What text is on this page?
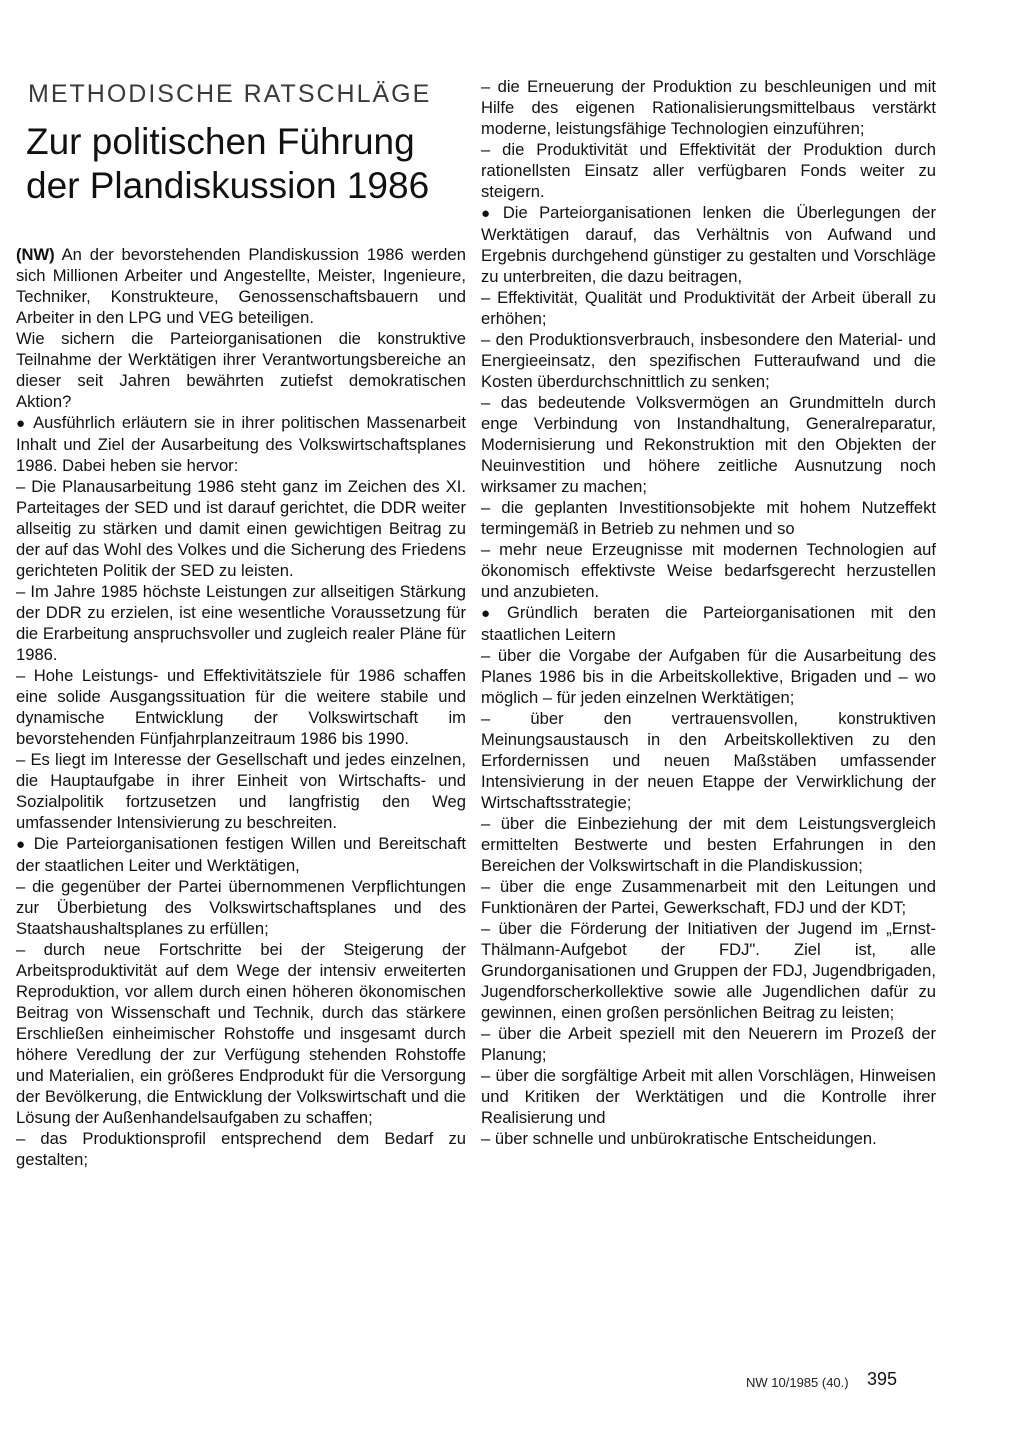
METHODISCHE RATSCHLÄGE
Zur politischen Führung
der Plandiskussion 1986

(NW) An der bevorstehenden Plandiskussion 1986 werden sich Millionen Arbeiter und Angestellte, Meister, Ingenieure, Techniker, Konstrukteure, Genossenschaftsbauern und Arbeiter in den LPG und VEG beteiligen.

Wie sichern die Parteiorganisationen die konstruktive Teilnahme der Werktätigen ihrer Verantwortungsbereiche an dieser seit Jahren bewährten zutiefst demokratischen Aktion?

● Ausführlich erläutern sie in ihrer politischen Massenarbeit Inhalt und Ziel der Ausarbeitung des Volkswirtschaftsplanes 1986. Dabei heben sie hervor:

– Die Planausarbeitung 1986 steht ganz im Zeichen des XI. Parteitages der SED und ist darauf gerichtet, die DDR weiter allseitig zu stärken und damit einen gewichtigen Beitrag zu der auf das Wohl des Volkes und die Sicherung des Friedens gerichteten Politik der SED zu leisten.

– Im Jahre 1985 höchste Leistungen zur allseitigen Stärkung der DDR zu erzielen, ist eine wesentliche Voraussetzung für die Erarbeitung anspruchsvoller und zugleich realer Pläne für 1986.

– Hohe Leistungs- und Effektivitätsziele für 1986 schaffen eine solide Ausgangssituation für die weitere stabile und dynamische Entwicklung der Volkswirtschaft im bevorstehenden Fünfjahrplanzeitraum 1986 bis 1990.

– Es liegt im Interesse der Gesellschaft und jedes einzelnen, die Hauptaufgabe in ihrer Einheit von Wirtschafts- und Sozialpolitik fortzusetzen und langfristig den Weg umfassender Intensivierung zu beschreiten.

● Die Parteiorganisationen festigen Willen und Bereitschaft der staatlichen Leiter und Werktätigen,

– die gegenüber der Partei übernommenen Verpflichtungen zur Überbietung des Volkswirtschaftsplanes und des Staatshaushaltsplanes zu erfüllen;

– durch neue Fortschritte bei der Steigerung der Arbeitsproduktivität auf dem Wege der intensiv erweiterten Reproduktion, vor allem durch einen höheren ökonomischen Beitrag von Wissenschaft und Technik, durch das stärkere Erschließen einheimischer Rohstoffe und insgesamt durch höhere Veredlung der zur Verfügung stehenden Rohstoffe und Materialien, ein größeres Endprodukt für die Versorgung der Bevölkerung, die Entwicklung der Volkswirtschaft und die Lösung der Außenhandelsaufgaben zu schaffen;

– das Produktionsprofil entsprechend dem Bedarf zu gestalten;

– die Erneuerung der Produktion zu beschleunigen und mit Hilfe des eigenen Rationalisierungsmittelbaus verstärkt moderne, leistungsfähige Technologien einzuführen;

– die Produktivität und Effektivität der Produktion durch rationellsten Einsatz aller verfügbaren Fonds weiter zu steigern.

● Die Parteiorganisationen lenken die Überlegungen der Werktätigen darauf, das Verhältnis von Aufwand und Ergebnis durchgehend günstiger zu gestalten und Vorschläge zu unterbreiten, die dazu beitragen,

– Effektivität, Qualität und Produktivität der Arbeit überall zu erhöhen;

– den Produktionsverbrauch, insbesondere den Material- und Energieeinsatz, den spezifischen Futteraufwand und die Kosten überdurchschnittlich zu senken;

– das bedeutende Volksvermögen an Grundmitteln durch enge Verbindung von Instandhaltung, Generalreparatur, Modernisierung und Rekonstruktion mit den Objekten der Neuinvestition und höhere zeitliche Ausnutzung noch wirksamer zu machen;

– die geplanten Investitionsobjekte mit hohem Nutzeffekt termingemäß in Betrieb zu nehmen und so

– mehr neue Erzeugnisse mit modernen Technologien auf ökonomisch effektivste Weise bedarfsgerecht herzustellen und anzubieten.

● Gründlich beraten die Parteiorganisationen mit den staatlichen Leitern

– über die Vorgabe der Aufgaben für die Ausarbeitung des Planes 1986 bis in die Arbeitskollektive, Brigaden und – wo möglich – für jeden einzelnen Werktätigen;

– über den vertrauensvollen, konstruktiven Meinungsaustausch in den Arbeitskollektiven zu den Erfordernissen und neuen Maßstäben umfassender Intensivierung in der neuen Etappe der Verwirklichung der Wirtschaftsstrategie;

– über die Einbeziehung der mit dem Leistungsvergleich ermittelten Bestwerte und besten Erfahrungen in den Bereichen der Volkswirtschaft in die Plandiskussion;

– über die enge Zusammenarbeit mit den Leitungen und Funktionären der Partei, Gewerkschaft, FDJ und der KDT;

– über die Förderung der Initiativen der Jugend im „Ernst-Thälmann-Aufgebot der FDJ". Ziel ist, alle Grundorganisationen und Gruppen der FDJ, Jugendbrigaden, Jugendforscherkollektive sowie alle Jugendlichen dafür zu gewinnen, einen großen persönlichen Beitrag zu leisten;

– über die Arbeit speziell mit den Neuerern im Prozeß der Planung;

– über die sorgfältige Arbeit mit allen Vorschlägen, Hinweisen und Kritiken der Werktätigen und die Kontrolle ihrer Realisierung und

– über schnelle und unbürokratische Entscheidungen.

NW 10/1985 (40.) 395
